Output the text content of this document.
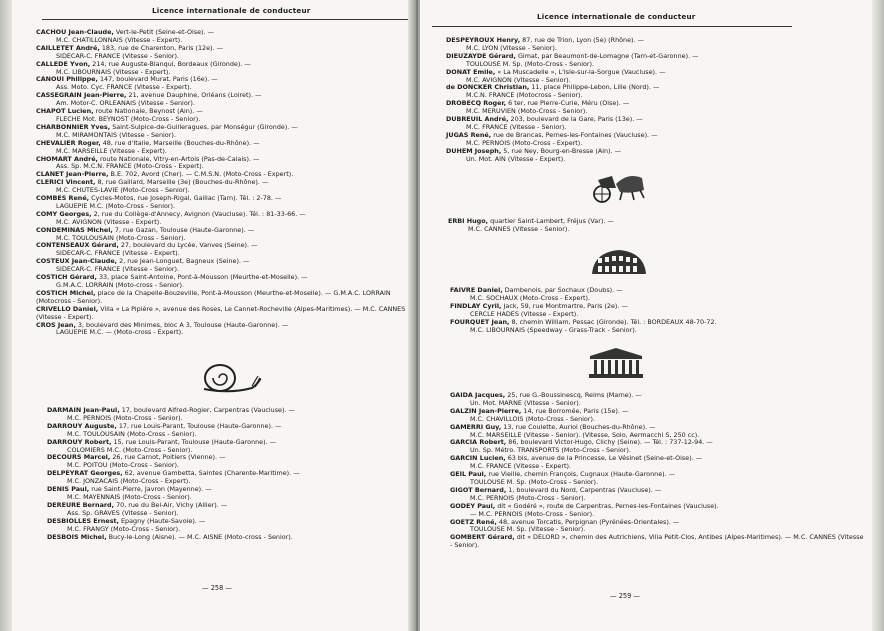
Licence internationale de conducteur
CACHOU Jean-Claude, Vert-le-Petit (Seine-et-Oise). —
M.C. CHATILLONNAIS (Vitesse - Expert).
CAILLETET André, 183, rue de Charenton, Paris (12e). —
SIDECAR-C. FRANCE (Vitesse - Senior).
CALLEDE Yvon, 214, rue Auguste-Blanqui, Bordeaux (Gironde). —
M.C. LIBOURNAIS (Vitesse - Expert).
CANOUI Philippe, 147, boulevard Murat, Paris (16e). —
Ass. Moto. Cyc. FRANCE (Vitesse - Expert).
CASSEGRAIN Jean-Pierre, 21, avenue Dauphine, Orléans (Loiret). —
Am. Motor-C. ORLEANAIS (Vitesse - Senior).
CHAPOT Lucien, route Nationale, Beynost (Ain). —
FLECHE Mot. BEYNOST (Moto-Cross - Senior).
CHARBONNIER Yves, Saint-Sulpice-de-Guilleragues, par Monségur (Gironde). —
M.C. MIRAMONTAIS (Vitesse - Senior).
CHEVALIER Roger, 48, rue d'Italie, Marseille (Bouches-du-Rhône). —
M.C. MARSEILLE (Vitesse - Expert).
CHOMART André, route Nationale, Vitry-en-Artois (Pas-de-Calais). —
Ass. Sp. M.C.N. FRANCE (Moto-Cross - Expert).
CLANET Jean-Pierre, B.E. 702, Avord (Cher). — C.M.S.N. (Moto-Cross - Expert).
CLERICI Vincent, 8, rue Gaillard, Marseille (3e) (Bouches-du-Rhône). —
M.C. CHUTES-LAVIE (Moto-Cross - Senior).
COMBES René, Cycles-Motos, rue Joseph-Rigal, Gaillac (Tarn). Tél. : 2-78. —
LAGUEPIE M.C. (Moto-Cross - Senior).
COMY Georges, 2, rue du Collège-d'Annecy, Avignon (Vaucluse). Tél. : 81-33-66. —
M.C. AVIGNON (Vitesse - Expert).
CONDEMINAS Michel, 7, rue Gazan, Toulouse (Haute-Garonne). —
M.C. TOULOUSAIN (Moto-Cross - Senior).
CONTENSEAUX Gérard, 27, boulevard du Lycée, Vanves (Seine). —
SIDECAR-C. FRANCE (Vitesse - Expert).
COSTEUX Jean-Claude, 2, rue Jean-Longuet, Bagneux (Seine). —
SIDECAR-C. FRANCE (Vitesse - Senior).
COSTICH Gérard, 33, place Saint-Antoine, Pont-à-Mousson (Meurthe-et-Moselle). —
G.M.A.C. LORRAIN (Moto-cross - Senior).
COSTICH Michel, place de la Chapelle-Bouzeville, Pont-à-Mousson (Meurthe-et-Moselle). — G.M.A.C. LORRAIN (Motocross - Senior).
CRIVELLO Daniel, Villa « La Pipière », avenue des Roses, Le Cannet-Rocheville (Alpes-Maritimes). — M.C. CANNES (Vitesse - Expert).
CROS Jean, 3, boulevard des Minimes, bloc A 3, Toulouse (Haute-Garonne). —
LAGUEPIE M.C. — (Moto-cross - Expert).
DARMAIN Jean-Paul, 17, boulevard Alfred-Rogier, Carpentras (Vaucluse). —
M.C. PERNOIS (Moto-Cross - Senior).
DARROUY Auguste, 17, rue Louis-Parant, Toulouse (Haute-Garonne). —
M.C. TOULOUSAIN (Moto-Cross - Senior).
DARROUY Robert, 15, rue Louis-Parant, Toulouse (Haute-Garonne). —
COLOMIERS M.C. (Moto-Cross - Senior).
DECOURS Marcel, 26, rue Carnot, Poitiers (Vienne). —
M.C. POITOU (Moto-Cross - Senior).
DELPEYRAT Georges, 62, avenue Gambetta, Saintes (Charente-Maritime). —
M.C. JONZACAIS (Moto-Cross - Expert).
DENIS Paul, rue Saint-Pierre, Javron (Mayenne). —
M.C. MAYENNAIS (Moto-Cross - Senior).
DEREURE Bernard, 70, rue du Bel-Air, Vichy (Allier). —
Ass. Sp. GRAVES (Vitesse - Senior).
DESBIOLLES Ernest, Epagny (Haute-Savoie). —
M.C. FRANGY (Moto-Cross - Senior).
DESBOIS Michel, Bucy-le-Long (Aisne). — M.C. AISNE (Moto-cross - Senior).
— 258 —
Licence internationale de conducteur
DESPEYROUX Henry, 87, rue de Trion, Lyon (5e) (Rhône). —
M.C. LYON (Vitesse - Senior).
DIEUZAYDE Gérard, Gimat, par Beaumont-de-Lomagne (Tarn-et-Garonne). —
TOULOUSE M. Sp. (Moto-Cross - Senior).
DONAT Emile, « La Muscadelle », L'Isle-sur-la-Sorgue (Vaucluse). —
M.C. AVIGNON (Vitesse - Senior).
de DONCKER Christian, 11, place Philippe-Lebon, Lille (Nord). —
M.C.N. FRANCE (Motocross - Senior).
DROBECQ Roger, 6 ter, rue Pierre-Curie, Méru (Oise). —
M.C. MERUVIEN (Moto-Cross - Senior).
DUBREUIL André, 203, boulevard de la Gare, Paris (13e). —
M.C. FRANCE (Vitesse - Senior).
JUGAS René, rue de Brancas, Pernes-les-Fontaines (Vaucluse). —
M.C. PERNOIS (Moto-Cross - Expert).
DUHEM Joseph, 5, rue Ney, Bourg-en-Bresse (Ain). —
Un. Mot. AIN (Vitesse - Expert).
ERBI Hugo, quartier Saint-Lambert, Fréjus (Var). —
M.C. CANNES (Vitesse - Senior).
FAIVRE Daniel, Dambenois, par Sochaux (Doubs). —
M.C. SOCHAUX (Moto-Cross - Expert).
FINDLAY Cyril, Jack, 59, rue Montmartre, Paris (2e). —
CERCLE HADES (Vitesse - Expert).
FOURQUET Jean, 8, chemin William, Pessac (Gironde). Tél. : BORDEAUX 48-70-72.
M.C. LIBOURNAIS (Speedway - Grass-Track - Senior).
GAIDA Jacques, 25, rue G.-Boussinescq, Reims (Marne). —
Un. Mot. MARNE (Vitesse - Senior).
GALZIN Jean-Pierre, 14, rue Borromée, Paris (15e). —
M.C. CHAVILLOIS (Moto-Cross - Senior).
GAMERRI Guy, 13, rue Coulette, Auriol (Bouches-du-Rhône). —
M.C. MARSEILLE (Vitesse - Senior). (Vitesse, Solo, Aermacchi S, 250 cc).
GARCIA Robert, 86, boulevard Victor-Hugo, Clichy (Seine). — Tél. : 737-12-94. —
Un. Sp. Métro. TRANSPORTS (Moto-Cross - Senior).
GARCIN Lucien, 63 bis, avenue de la Princesse, Le Vésinet (Seine-et-Oise). —
M.C. FRANCE (Vitesse - Expert).
GEIL Paul, rue Vieille, chemin François, Cugnaux (Haute-Garonne). —
TOULOUSE M. Sp. (Moto-Cross - Senior).
GIGOT Bernard, 1, boulevard du Nord, Carpentras (Vaucluse). —
M.C. PERNOIS (Moto-Cross - Senior).
GODEY Paul, dit « Godéré », route de Carpentras, Pernes-les-Fontaines (Vaucluse).
— M.C. PERNOIS (Moto-Cross - Senior).
GOETZ René, 48, avenue Torcatis, Perpignan (Pyrénées-Orientales). —
TOULOUSE M. Sp. (Vitesse - Senior).
GOMBERT Gérard, dit « DELORD », chemin des Autrichiens, Villa Petit-Clos, Antibes (Alpes-Maritimes). — M.C. CANNES (Vitesse - Senior).
— 259 —
